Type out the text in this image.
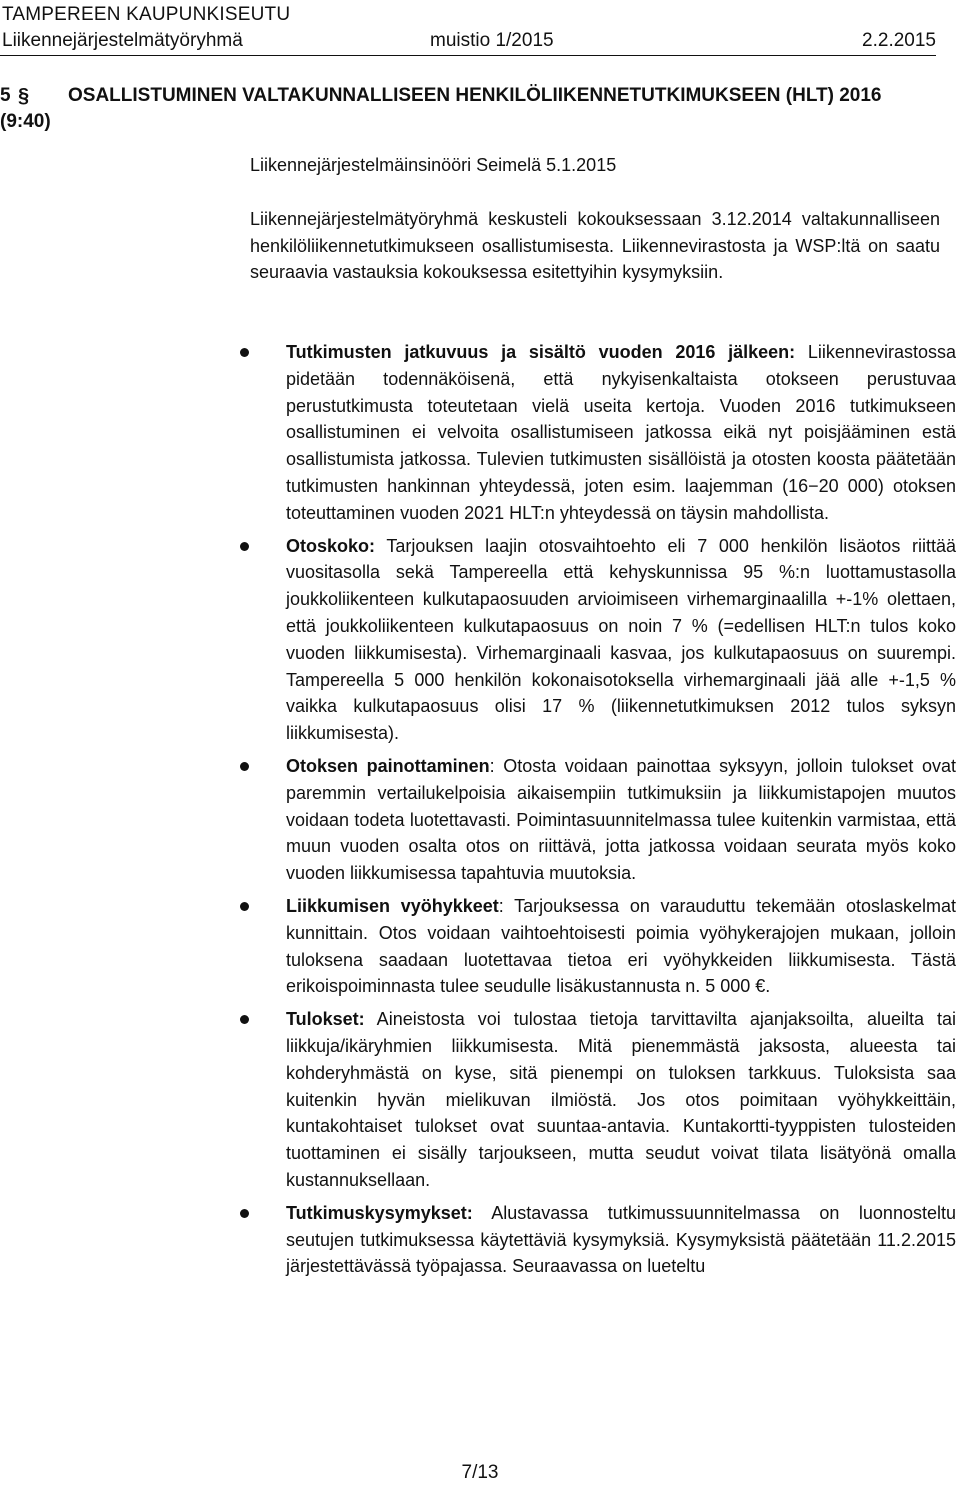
TAMPEREEN KAUPUNKISEUTU
Liikennejärjestelmätyöryhmä	muistio 1/2015	2.2.2015
5 § OSALLISTUMINEN VALTAKUNNALLISEEN HENKILÖLIIKENNETUTKIMUKSEEN (HLT) 2016
(9:40)
Liikennejärjestelmäinsinööri Seimelä 5.1.2015
Liikennejärjestelmätyöryhmä keskusteli kokouksessaan 3.12.2014 valtakunnalliseen henkilöliikennetutkimukseen osallistumisesta. Liikennevirastosta ja WSP:ltä on saatu seuraavia vastauksia kokouksessa esitettyihin kysymyksiin.
Tutkimusten jatkuvuus ja sisältö vuoden 2016 jälkeen: Liikennevirastossa pidetään todennäköisenä, että nykyisenkaltaista otokseen perustuvaa perustutkimusta toteutetaan vielä useita kertoja. Vuoden 2016 tutkimukseen osallistuminen ei velvoita osallistumiseen jatkossa eikä nyt poisjääminen estä osallistumista jatkossa. Tulevien tutkimusten sisällöistä ja otosten koosta päätetään tutkimusten hankinnan yhteydessä, joten esim. laajemman (16−20 000) otoksen toteuttaminen vuoden 2021 HLT:n yhteydessä on täysin mahdollista.
Otoskoko: Tarjouksen laajin otosvaihtoehto eli 7 000 henkilön lisäotos riittää vuositasolla sekä Tampereella että kehyskunnissa 95 %:n luottamustasolla joukkoliikenteen kulkutapaosuuden arvioimiseen virhemarginaalilla +-1% olettaen, että joukkoliikenteen kulkutapaosuus on noin 7 % (=edellisen HLT:n tulos koko vuoden liikkumisesta). Virhemarginaali kasvaa, jos kulkutapaosuus on suurempi. Tampereella 5 000 henkilön kokonaisotoksella virhemarginaali jää alle +-1,5 % vaikka kulkutapaosuus olisi 17 % (liikennetutkimuksen 2012 tulos syksyn liikkumisesta).
Otoksen painottaminen: Otosta voidaan painottaa syksyyn, jolloin tulokset ovat paremmin vertailukelpoisia aikaisempiin tutkimuksiin ja liikkumistapojen muutos voidaan todeta luotettavasti. Poimintasuunnitelmassa tulee kuitenkin varmistaa, että muun vuoden osalta otos on riittävä, jotta jatkossa voidaan seurata myös koko vuoden liikkumisessa tapahtuvia muutoksia.
Liikkumisen vyöhykkeet: Tarjouksessa on varauduttu tekemään otoslaskelmat kunnittain. Otos voidaan vaihtoehtoisesti poimia vyöhykerajojen mukaan, jolloin tuloksena saadaan luotettavaa tietoa eri vyöhykkeiden liikkumisesta. Tästä erikoispoiminnasta tulee seudulle lisäkustannusta n. 5 000 €.
Tulokset: Aineistosta voi tulostaa tietoja tarvittavilta ajanjaksoilta, alueilta tai liikkuja/ikäryhmien liikkumisesta. Mitä pienemmästä jaksosta, alueesta tai kohderyhmästä on kyse, sitä pienempi on tuloksen tarkkuus. Tuloksista saa kuitenkin hyvän mielikuvan ilmiöstä. Jos otos poimitaan vyöhykkeittäin, kuntakohtaiset tulokset ovat suuntaa-antavia. Kuntakortti-tyyppisten tulosteiden tuottaminen ei sisälly tarjoukseen, mutta seudut voivat tilata lisätyönä omalla kustannuksellaan.
Tutkimuskysymykset: Alustavassa tutkimussuunnitelmassa on luonnosteltu seutujen tutkimuksessa käytettäviä kysymyksiä. Kysymyksistä päätetään 11.2.2015 järjestettävässä työpajassa. Seuraavassa on lueteltu
7/13
